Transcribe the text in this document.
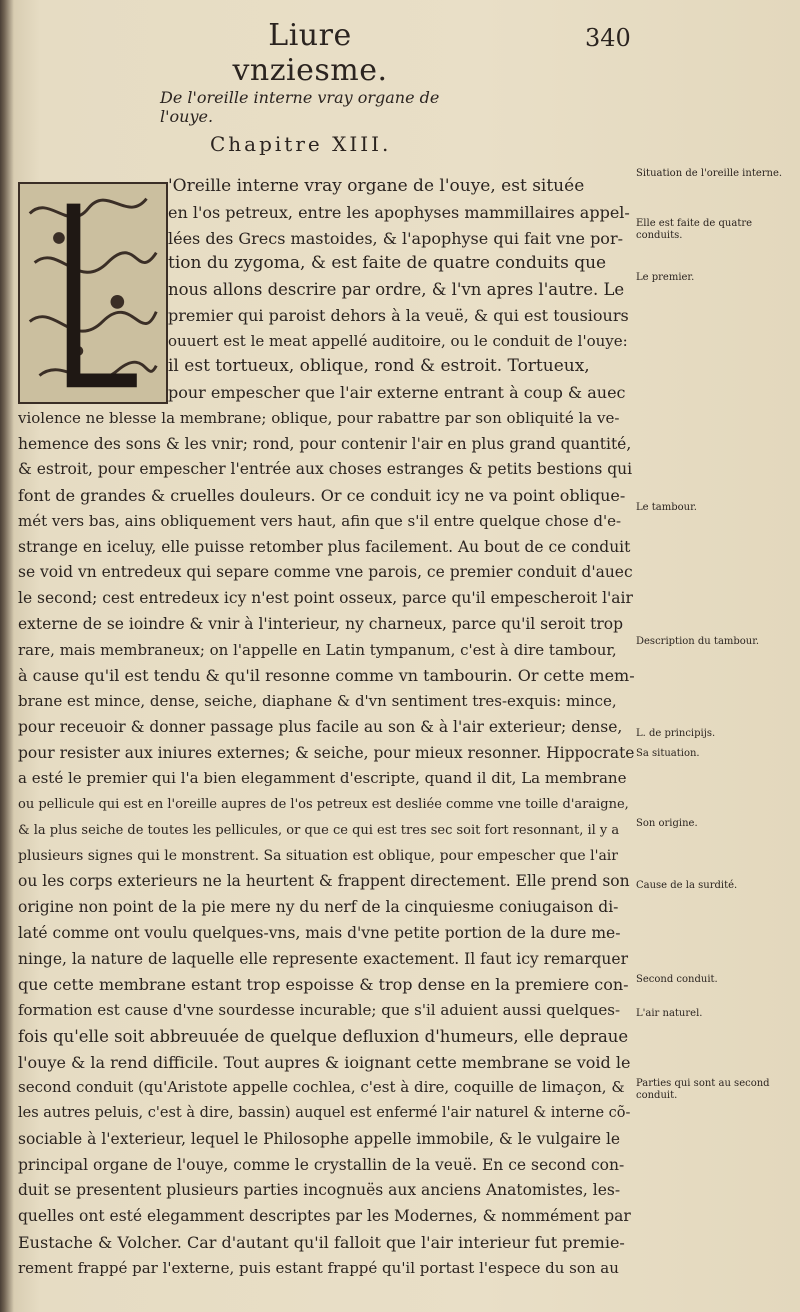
Liure vnziesme.
340
De l'oreille interne vray organe de l'ouye.
Chapitre XIII.
'Oreille interne vray organe de l'ouye, est située
en l'os petreux, entre les apophyses mammillaires appel-
lées des Grecs mastoides, & l'apophyse qui fait vne por-
tion du zygoma, & est faite de quatre conduits que
nous allons descrire par ordre, & l'vn apres l'autre. Le
premier qui paroist dehors à la veuë, & qui est tousiours
ouuert est le meat appellé auditoire, ou le conduit de l'ouye:
il est tortueux, oblique, rond & estroit. Tortueux,
pour empescher que l'air externe entrant à coup & auec
violence ne blesse la membrane; oblique, pour rabattre par son obliquité la ve-
hemence des sons & les vnir; rond, pour contenir l'air en plus grand quantité,
& estroit, pour empescher l'entrée aux choses estranges & petits bestions qui
font de grandes & cruelles douleurs. Or ce conduit icy ne va point oblique-
mét vers bas, ains obliquement vers haut, afin que s'il entre quelque chose d'e-
strange en iceluy, elle puisse retomber plus facilement. Au bout de ce conduit
se void vn entredeux qui separe comme vne parois, ce premier conduit d'auec
le second; cest entredeux icy n'est point osseux, parce qu'il empescheroit l'air
externe de se ioindre & vnir à l'interieur, ny charneux, parce qu'il seroit trop
rare, mais membraneux; on l'appelle en Latin tympanum, c'est à dire tambour,
à cause qu'il est tendu & qu'il resonne comme vn tambourin. Or cette mem-
brane est mince, dense, seiche, diaphane & d'vn sentiment tres-exquis: mince,
pour receuoir & donner passage plus facile au son & à l'air exterieur; dense,
pour resister aux iniures externes; & seiche, pour mieux resonner. Hippocrate
a esté le premier qui l'a bien elegamment d'escripte, quand il dit, La membrane
ou pellicule qui est en l'oreille aupres de l'os petreux est desliée comme vne toille d'araigne,
& la plus seiche de toutes les pellicules, or que ce qui est tres sec soit fort resonnant, il y a
plusieurs signes qui le monstrent. Sa situation est oblique, pour empescher que l'air
ou les corps exterieurs ne la heurtent & frappent directement. Elle prend son
origine non point de la pie mere ny du nerf de la cinquiesme coniugaison di-
laté comme ont voulu quelques-vns, mais d'vne petite portion de la dure me-
ninge, la nature de laquelle elle represente exactement. Il faut icy remarquer
que cette membrane estant trop espoisse & trop dense en la premiere con-
formation est cause d'vne sourdesse incurable; que s'il aduient aussi quelques-
fois qu'elle soit abbreuuée de quelque defluxion d'humeurs, elle depraue
l'ouye & la rend difficile. Tout aupres & ioignant cette membrane se void le
second conduit (qu'Aristote appelle cochlea, c'est à dire, coquille de limaçon, &
les autres peluis, c'est à dire, bassin) auquel est enfermé l'air naturel & interne cõ-
sociable à l'exterieur, lequel le Philosophe appelle immobile, & le vulgaire le
principal organe de l'ouye, comme le crystallin de la veuë. En ce second con-
duit se presentent plusieurs parties incognuës aux anciens Anatomistes, les-
quelles ont esté elegamment descriptes par les Modernes, & nommément par
Eustache & Volcher. Car d'autant qu'il falloit que l'air interieur fut premie-
rement frappé par l'externe, puis estant frappé qu'il portast l'espece du son au
Situation de l'oreille interne.
Elle est faite de quatre conduits.
Le premier.
Le tambour.
Description du tambour.
L. de principijs.
Sa situation.
Son origine.
Cause de la surdité.
Second conduit.
L'air naturel.
Parties qui sont au second conduit.
